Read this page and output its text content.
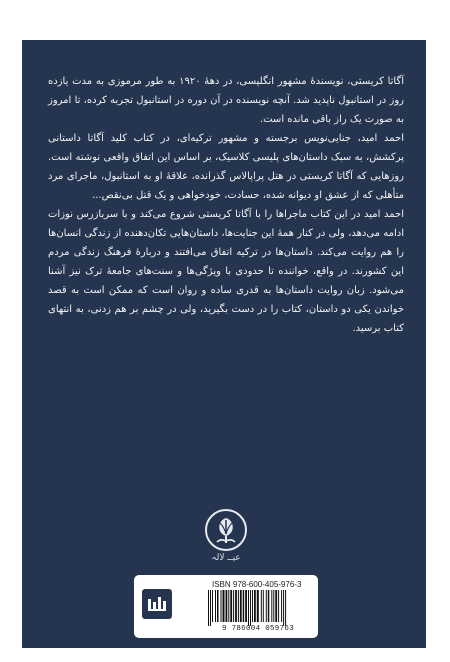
آگاتا کریستی، نویسندهٔ مشهور انگلیسی، در دههٔ ۱۹۲۰ به طور مرموزی به مدت یازده روز در استانبول ناپدید شد. آنچه نویسنده در آن دوره در استانبول تجربه کرده، تا امروز به صورت یک راز باقی مانده است.

احمد امید، جنایی‌نویس برجسته و مشهور ترکیه‌ای، در کتاب کلید آگاتا داستانی پرکشش، به سبک داستان‌های پلیسی کلاسیک، بر اساس این اتفاق واقعی نوشته است. روزهایی که آگاتا کریستی در هتل پراپالاس گذرانده، علاقهٔ او به استانبول، ماجرای مرد متأهلی که از عشق او دیوانه شده، حسادت، خودخواهی و یک قتل بی‌نقص...

احمد امید در این کتاب ماجراها را با آگاتا کریستی شروع می‌کند و با سربازرس نوزات ادامه می‌دهد، ولی در کنار همهٔ این جنایت‌ها، داستان‌هایی تکان‌دهنده از زندگی انسان‌ها را هم روایت می‌کند. داستان‌ها در ترکیه اتفاق می‌افتند و دربارهٔ فرهنگ زندگی مردم این کشورند. در واقع، خواننده تا حدودی با ویژگی‌ها و سنت‌های جامعهٔ ترک نیز آشنا می‌شود. زبان روایت داستان‌ها به قدری ساده و روان است که ممکن است به قصد خواندن یکی دو داستان، کتاب را در دست بگیرید، ولی در چشم بر هم زدنی، به انتهای کتاب برسید.

عیــ لالہ
ISBN 978-600-405-976-3
9 786004 059763
